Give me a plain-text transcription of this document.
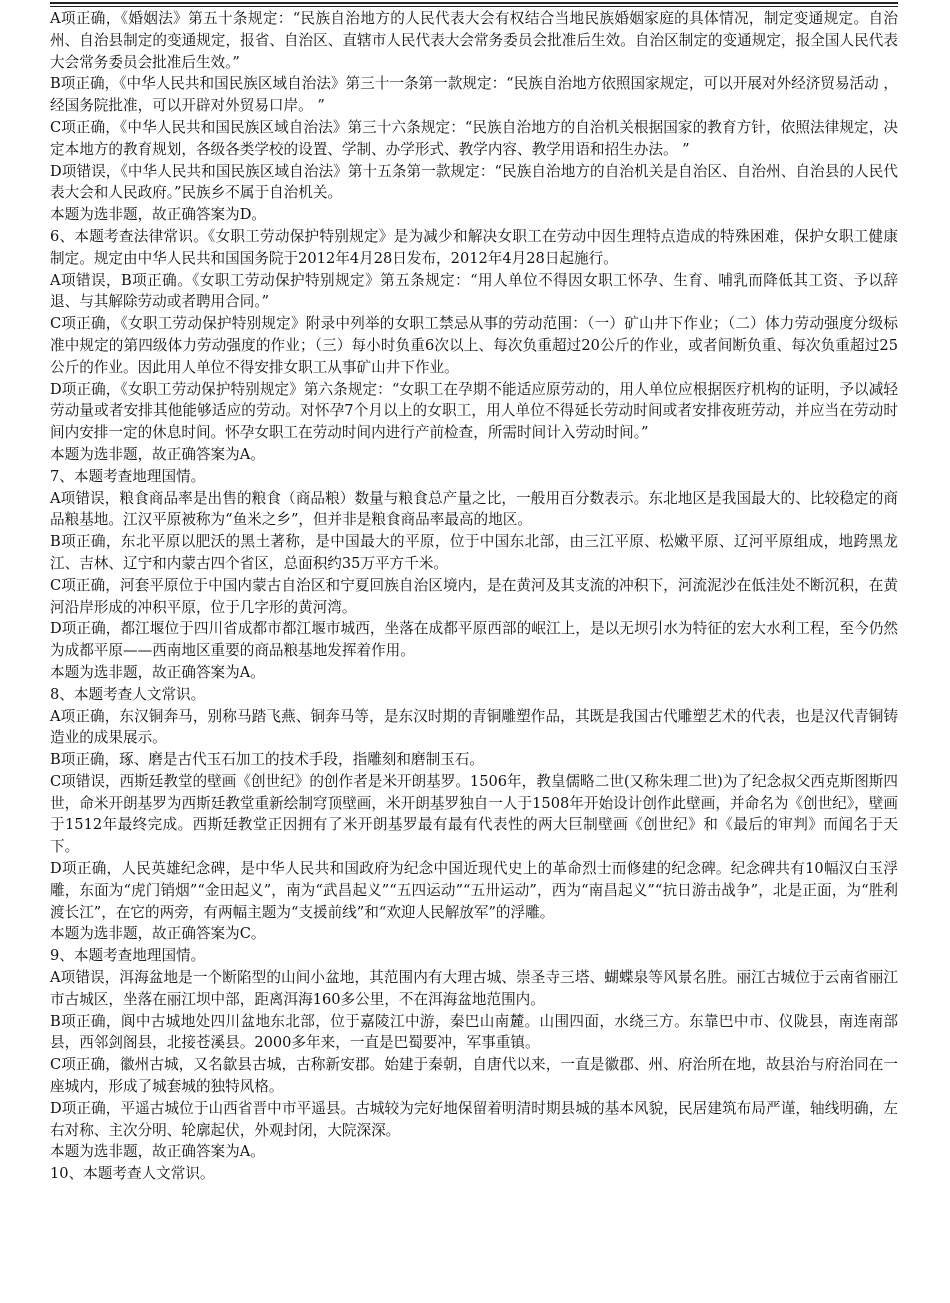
A项正确，《婚姻法》第五十条规定：“民族自治地方的人民代表大会有权结合当地民族婚姻家庭的具体情况，制定变通规定。自治州、自治县制定的变通规定，报省、自治区、直辖市人民代表大会常务委员会批准后生效。自治区制定的变通规定，报全国人民代表大会常务委员会批准后生效。”

B项正确，《中华人民共和国民族区域自治法》第三十一条第一款规定：“民族自治地方依照国家规定，可以开展对外经济贸易活动 ，经国务院批准，可以开辟对外贸易口岸。 ”

C项正确，《中华人民共和国民族区域自治法》第三十六条规定：“民族自治地方的自治机关根据国家的教育方针，依照法律规定，决定本地方的教育规划，各级各类学校的设置、学制、办学形式、教学内容、教学用语和招生办法。 ”

D项错误，《中华人民共和国民族区域自治法》第十五条第一款规定：“民族自治地方的自治机关是自治区、自治州、自治县的人民代表大会和人民政府。”民族乡不属于自治机关。

本题为选非题，故正确答案为D。

6、本题考查法律常识。《女职工劳动保护特别规定》是为减少和解决女职工在劳动中因生理特点造成的特殊困难，保护女职工健康制定。规定由中华人民共和国国务院于2012年4月28日发布，2012年4月28日起施行。

A项错误，B项正确。《女职工劳动保护特别规定》第五条规定：“用人单位不得因女职工怀孕、生育、哺乳而降低其工资、予以辞退、与其解除劳动或者聘用合同。”

C项正确，《女职工劳动保护特别规定》附录中列举的女职工禁忌从事的劳动范围：（一）矿山井下作业；（二）体力劳动强度分级标准中规定的第四级体力劳动强度的作业；（三）每小时负重6次以上、每次负重超过20公斤的作业，或者间断负重、每次负重超过25公斤的作业。因此用人单位不得安排女职工从事矿山井下作业。

D项正确，《女职工劳动保护特别规定》第六条规定：“女职工在孕期不能适应原劳动的，用人单位应根据医疗机构的证明，予以减轻劳动量或者安排其他能够适应的劳动。对怀孕7个月以上的女职工，用人单位不得延长劳动时间或者安排夜班劳动，并应当在劳动时间内安排一定的休息时间。怀孕女职工在劳动时间内进行产前检查，所需时间计入劳动时间。”

本题为选非题，故正确答案为A。

7、本题考查地理国情。

A项错误，粮食商品率是出售的粮食（商品粮）数量与粮食总产量之比，一般用百分数表示。东北地区是我国最大的、比较稳定的商品粮基地。江汉平原被称为“鱼米之乡”，但并非是粮食商品率最高的地区。

B项正确，东北平原以肥沃的黑土著称，是中国最大的平原，位于中国东北部，由三江平原、松嫩平原、辽河平原组成，地跨黑龙江、吉林、辽宁和内蒙古四个省区，总面积约35万平方千米。

C项正确，河套平原位于中国内蒙古自治区和宁夏回族自治区境内，是在黄河及其支流的冲积下，河流泥沙在低洼处不断沉积，在黄河沿岸形成的冲积平原，位于几字形的黄河湾。

D项正确，都江堰位于四川省成都市都江堰市城西，坐落在成都平原西部的岷江上，是以无坝引水为特征的宏大水利工程，至今仍然为成都平原——西南地区重要的商品粮基地发挥着作用。

本题为选非题，故正确答案为A。

8、本题考查人文常识。

A项正确，东汉铜奔马，别称马踏飞燕、铜奔马等，是东汉时期的青铜雕塑作品，其既是我国古代雕塑艺术的代表，也是汉代青铜铸造业的成果展示。

B项正确，琢、磨是古代玉石加工的技术手段，指雕刻和磨制玉石。

C项错误，西斯廷教堂的壁画《创世纪》的创作者是米开朗基罗。1506年，教皇儒略二世(又称朱理二世)为了纪念叔父西克斯图斯四世，命米开朗基罗为西斯廷教堂重新绘制穹顶壁画，米开朗基罗独自一人于1508年开始设计创作此壁画，并命名为《创世纪》，壁画于1512年最终完成。西斯廷教堂正因拥有了米开朗基罗最有最有代表性的两大巨制壁画《创世纪》和《最后的审判》而闻名于天下。

D项正确，人民英雄纪念碑，是中华人民共和国政府为纪念中国近现代史上的革命烈士而修建的纪念碑。纪念碑共有10幅汉白玉浮雕，东面为“虎门销烟”“金田起义”，南为“武昌起义”“五四运动”“五卅运动”，西为“南昌起义”“抗日游击战争”，北是正面，为“胜利渡长江”，在它的两旁，有两幅主题为“支援前线”和“欢迎人民解放军”的浮雕。

本题为选非题，故正确答案为C。

9、本题考查地理国情。

A项错误，洱海盆地是一个断陷型的山间小盆地，其范围内有大理古城、崇圣寺三塔、蝴蝶泉等风景名胜。丽江古城位于云南省丽江市古城区，坐落在丽江坝中部，距离洱海160多公里，不在洱海盆地范围内。

B项正确，阆中古城地处四川盆地东北部，位于嘉陵江中游，秦巴山南麓。山围四面，水绕三方。东靠巴中市、仪陇县，南连南部县，西邻剑阁县，北接苍溪县。2000多年来，一直是巴蜀要冲，军事重镇。

C项正确，徽州古城，又名歙县古城，古称新安郡。始建于秦朝，自唐代以来，一直是徽郡、州、府治所在地，故县治与府治同在一座城内，形成了城套城的独特风格。

D项正确，平遥古城位于山西省晋中市平遥县。古城较为完好地保留着明清时期县城的基本风貌，民居建筑布局严谨，轴线明确，左右对称、主次分明、轮廓起伏，外观封闭，大院深深。

本题为选非题，故正确答案为A。

10、本题考查人文常识。
